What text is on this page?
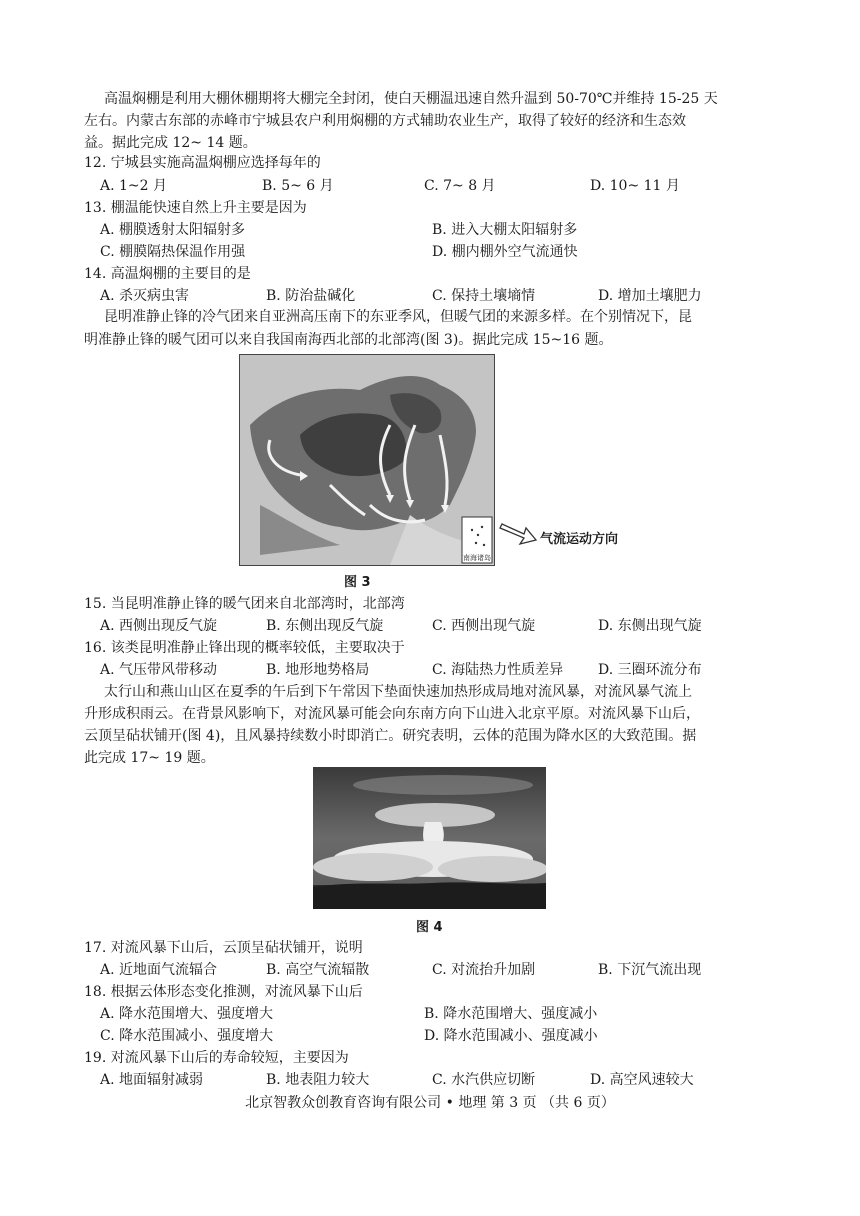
高温焖棚是利用大棚休棚期将大棚完全封闭，使白天棚温迅速自然升温到 50-70℃并维持 15-25 天
左右。内蒙古东部的赤峰市宁城县农户利用焖棚的方式辅助农业生产，取得了较好的经济和生态效
益。据此完成 12~ 14 题。
12. 宁城县实施高温焖棚应选择每年的
A. 1~2 月	B. 5~ 6 月	C. 7~ 8 月	D. 10~ 11 月
13. 棚温能快速自然上升主要是因为
A. 棚膜透射太阳辐射多	B. 进入大棚太阳辐射多
C. 棚膜隔热保温作用强	D. 棚内棚外空气流通快
14. 高温焖棚的主要目的是
A. 杀灭病虫害	B. 防治盐碱化	C. 保持土壤墒情	D. 增加土壤肥力
昆明准静止锋的冷气团来自亚洲高压南下的东亚季风，但暖气团的来源多样。在个别情况下，昆
明准静止锋的暖气团可以来自我国南海西北部的北部湾(图 3)。据此完成 15~16 题。
南海诸岛
气流运动方向
图 3
15. 当昆明准静止锋的暖气团来自北部湾时，北部湾
A. 西侧出现反气旋	B. 东侧出现反气旋	C. 西侧出现气旋	D. 东侧出现气旋
16. 该类昆明准静止锋出现的概率较低，主要取决于
A. 气压带风带移动	B. 地形地势格局	C. 海陆热力性质差异 D. 三圈环流分布
太行山和燕山山区在夏季的午后到下午常因下垫面快速加热形成局地对流风暴，对流风暴气流上
升形成积雨云。在背景风影响下，对流风暴可能会向东南方向下山进入北京平原。对流风暴下山后，
云顶呈砧状铺开(图 4)，且风暴持续数小时即消亡。研究表明，云体的范围为降水区的大致范围。据
此完成 17~ 19 题。
图 4
17. 对流风暴下山后，云顶呈砧状铺开，说明
A. 近地面气流辐合	B. 高空气流辐散	C. 对流抬升加剧	B. 下沉气流出现
18. 根据云体形态变化推测，对流风暴下山后
A. 降水范围增大、强度增大	B. 降水范围增大、强度减小
C. 降水范围减小、强度增大	D. 降水范围减小、强度减小
19. 对流风暴下山后的寿命较短，主要因为
A. 地面辐射减弱	B. 地表阻力较大	C. 水汽供应切断	D. 高空风速较大
北京智教众创教育咨询有限公司 • 地理 第 3 页 （共 6 页）
